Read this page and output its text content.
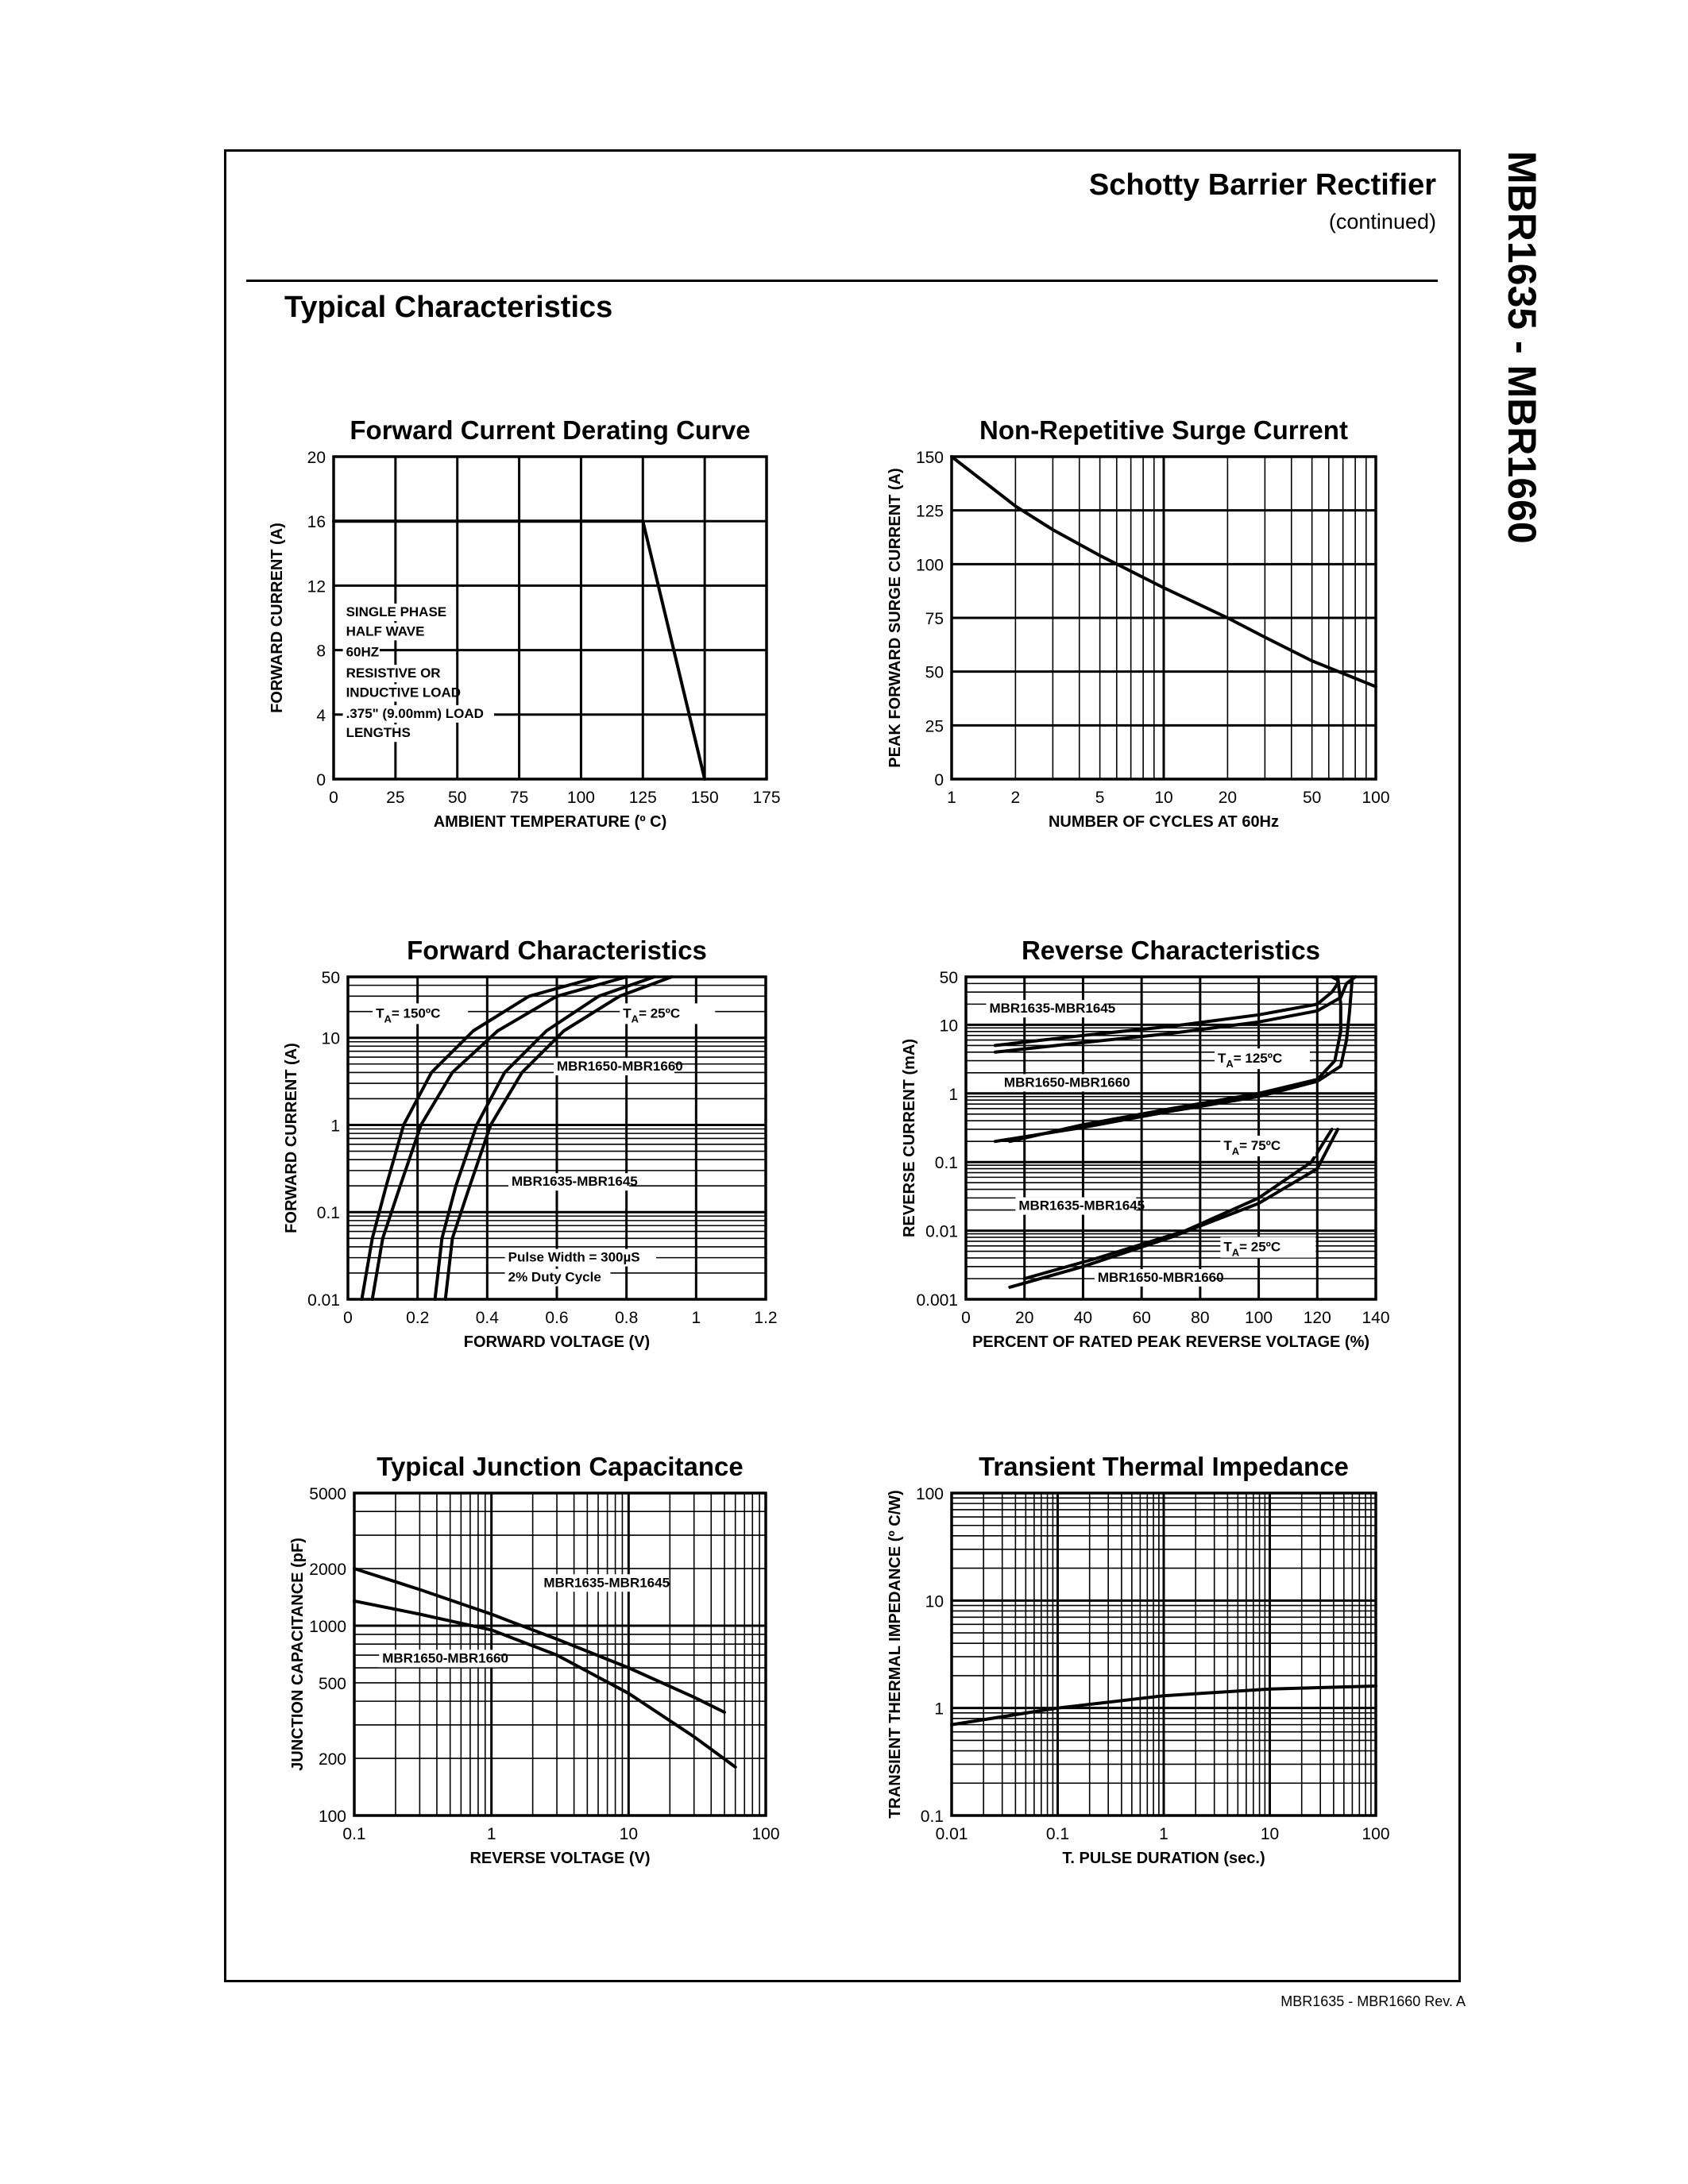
Schotty Barrier Rectifier
(continued)
Typical Characteristics	MBR1635 - MBR1660
MBR1635 - MBR1660 Rev. A
Forward Current Derating Curve
0	25	50	75 100 125 150 175
0
4
8
12
16
20
AMBIENT TEMPERATURE (º C)
FORWARD CURRENT (A)	SINGLE PHASE
HALF WAVE
60HZ
RESISTIVE OR
INDUCTIVE LOAD
.375" (9.00mm) LOAD
LENGTHS
Non-Repetitive Surge Current
1	2	5	10	20	50 100
0
25
50
75
100
125
150
NUMBER OF CYCLES AT 60Hz
PEAK FORWARD SURGE CURRENT (A)
Forward Characteristics
0	0.2	0.4	0.6	0.8	1	1.2
0.01
0.1
1
10
50
FORWARD VOLTAGE (V)
FORWARD CURRENT (A)
$T_A=$ 150ºC	$T_A=$ 25ºC
MBR1650-MBR1660
MBR1635-MBR1645
Pulse Width = 300µS
2% Duty Cycle
Reverse Characteristics
0	20 40 60 80 100 120 140
0.001
0.01
0.1
1
10
50
PERCENT OF RATED PEAK REVERSE VOLTAGE (%)
REVERSE CURRENT (mA)
MBR1635-MBR1645
$T_A=$ 125ºC
MBR1650-MBR1660
$T_A=$ 75ºC
MBR1635-MBR1645
$T_A=$ 25ºC
MBR1650-MBR1660
Typical Junction Capacitance
0.1	1	10	100
100
200
500
1000
2000
5000
REVERSE VOLTAGE (V)
JUNCTION CAPACITANCE (pF)	MBR1635-MBR1645
MBR1650-MBR1660
Transient Thermal Impedance
0.01	0.1	1	10	100
0.1
1
10
100
T. PULSE DURATION (sec.)
TRANSIENT THERMAL IMPEDANCE (º C/W)
